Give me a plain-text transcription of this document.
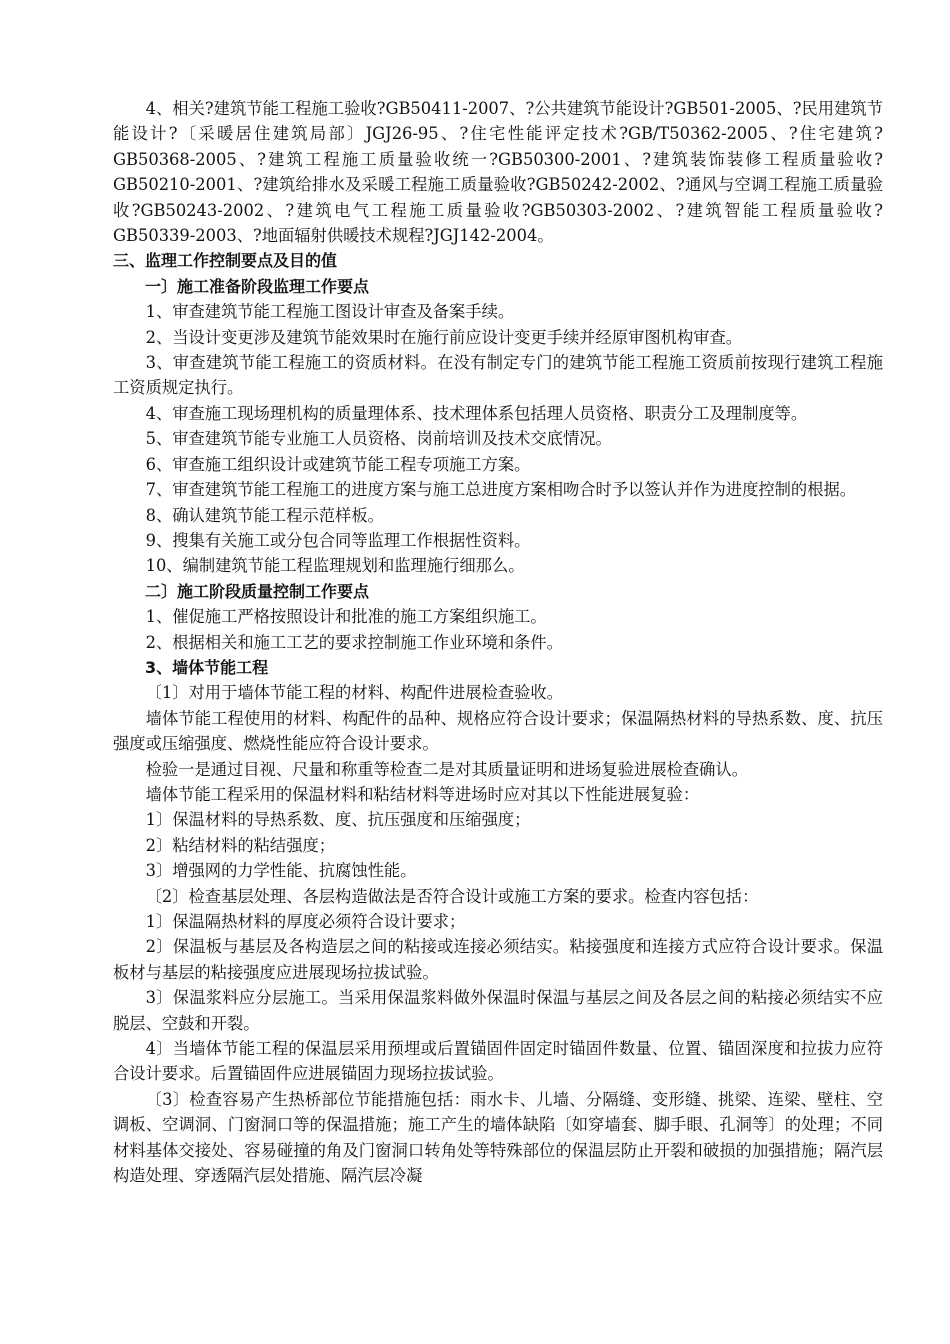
4、相关?建筑节能工程施工验收?GB50411-2007、?公共建筑节能设计?GB501-2005、?民用建筑节能设计?〔采暖居住建筑局部〕JGJ26-95、?住宅性能评定技术?GB/T50362-2005、?住宅建筑?GB50368-2005、?建筑工程施工质量验收统一?GB50300-2001、?建筑装饰装修工程质量验收?GB50210-2001、?建筑给排水及采暖工程施工质量验收?GB50242-2002、?通风与空调工程施工质量验收?GB50243-2002、?建筑电气工程施工质量验收?GB50303-2002、?建筑智能工程质量验收?GB50339-2003、?地面辐射供暖技术规程?JGJ142-2004。

三、监理工作控制要点及目的值

一〕施工准备阶段监理工作要点

1、审查建筑节能工程施工图设计审查及备案手续。

2、当设计变更涉及建筑节能效果时在施行前应设计变更手续并经原审图机构审查。

3、审查建筑节能工程施工的资质材料。在没有制定专门的建筑节能工程施工资质前按现行建筑工程施工资质规定执行。

4、审查施工现场理机构的质量理体系、技术理体系包括理人员资格、职责分工及理制度等。

5、审查建筑节能专业施工人员资格、岗前培训及技术交底情况。

6、审查施工组织设计或建筑节能工程专项施工方案。

7、审查建筑节能工程施工的进度方案与施工总进度方案相吻合时予以签认并作为进度控制的根据。

8、确认建筑节能工程示范样板。

9、搜集有关施工或分包合同等监理工作根据性资料。

10、编制建筑节能工程监理规划和监理施行细那么。

二〕施工阶段质量控制工作要点

1、催促施工严格按照设计和批准的施工方案组织施工。

2、根据相关和施工工艺的要求控制施工作业环境和条件。

3、墙体节能工程

〔1〕对用于墙体节能工程的材料、构配件进展检查验收。

墙体节能工程使用的材料、构配件的品种、规格应符合设计要求；保温隔热材料的导热系数、度、抗压强度或压缩强度、燃烧性能应符合设计要求。

检验一是通过目视、尺量和称重等检查二是对其质量证明和进场复验进展检查确认。

墙体节能工程采用的保温材料和粘结材料等进场时应对其以下性能进展复验：

1〕保温材料的导热系数、度、抗压强度和压缩强度；

2〕粘结材料的粘结强度；

3〕增强网的力学性能、抗腐蚀性能。

〔2〕检查基层处理、各层构造做法是否符合设计或施工方案的要求。检查内容包括：

1〕保温隔热材料的厚度必须符合设计要求；

2〕保温板与基层及各构造层之间的粘接或连接必须结实。粘接强度和连接方式应符合设计要求。保温板材与基层的粘接强度应进展现场拉拔试验。

3〕保温浆料应分层施工。当采用保温浆料做外保温时保温与基层之间及各层之间的粘接必须结实不应脱层、空鼓和开裂。

4〕当墙体节能工程的保温层采用预埋或后置锚固件固定时锚固件数量、位置、锚固深度和拉拔力应符合设计要求。后置锚固件应进展锚固力现场拉拔试验。

〔3〕检查容易产生热桥部位节能措施包括：雨水卡、儿墙、分隔缝、变形缝、挑梁、连梁、壁柱、空调板、空调洞、门窗洞口等的保温措施；施工产生的墙体缺陷〔如穿墙套、脚手眼、孔洞等〕的处理；不同材料基体交接处、容易碰撞的角及门窗洞口转角处等特殊部位的保温层防止开裂和破损的加强措施；隔汽层构造处理、穿透隔汽层处措施、隔汽层冷凝
